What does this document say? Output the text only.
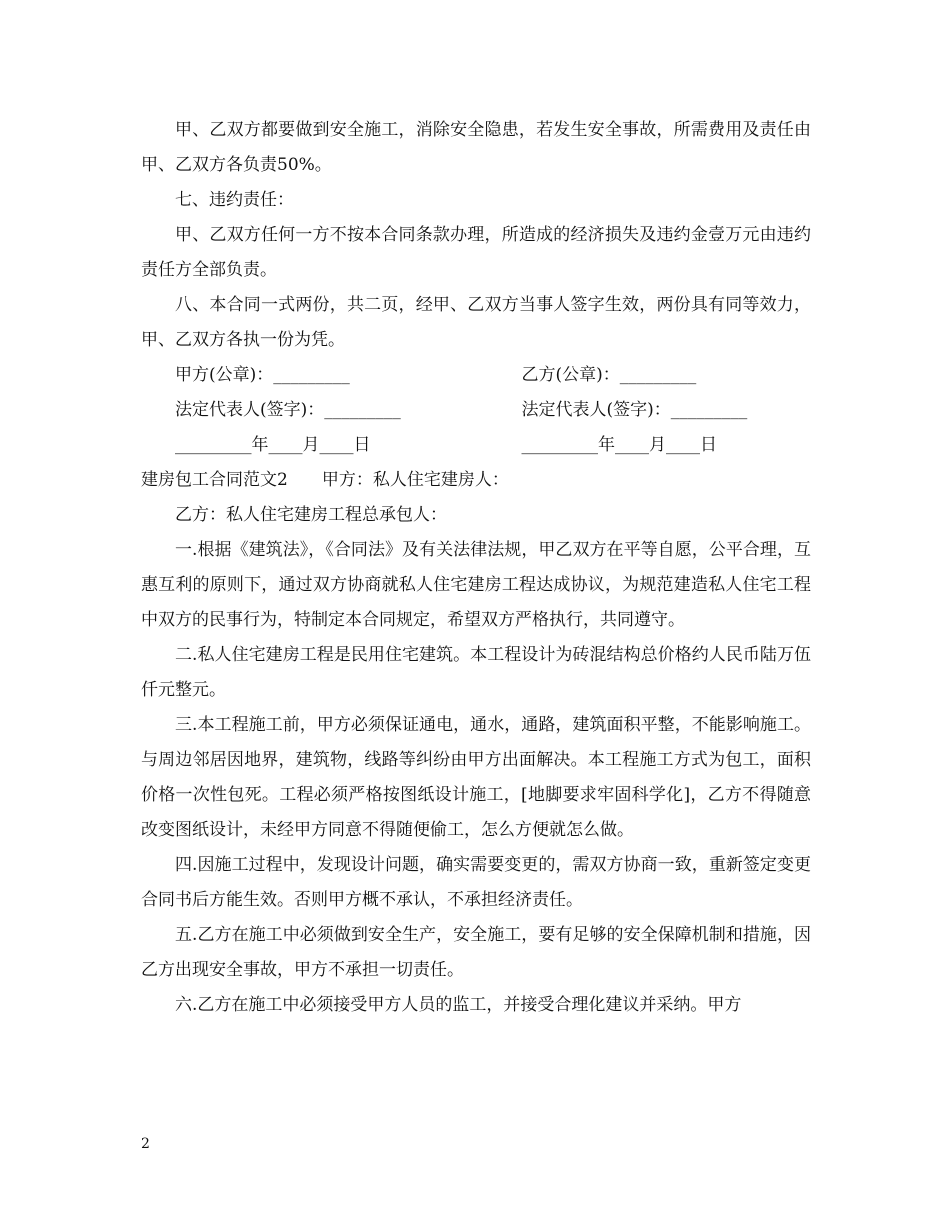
甲、乙双方都要做到安全施工，消除安全隐患，若发生安全事故，所需费用及责任由甲、乙双方各负责50%。

七、违约责任：

甲、乙双方任何一方不按本合同条款办理，所造成的经济损失及违约金壹万元由违约责任方全部负责。

八、本合同一式两份，共二页，经甲、乙双方当事人签字生效，两份具有同等效力，甲、乙双方各执一份为凭。

甲方(公章)：_________	乙方(公章)：_________
法定代表人(签字)：_________	法定代表人(签字)：_________
_________年____月____日	_________年____月____日

建房包工合同范文2　　甲方：私人住宅建房人：

乙方：私人住宅建房工程总承包人：

一.根据《建筑法》，《合同法》及有关法律法规，甲乙双方在平等自愿，公平合理，互惠互利的原则下，通过双方协商就私人住宅建房工程达成协议，为规范建造私人住宅工程中双方的民事行为，特制定本合同规定，希望双方严格执行，共同遵守。

二.私人住宅建房工程是民用住宅建筑。本工程设计为砖混结构总价格约人民币陆万伍仟元整元。

三.本工程施工前，甲方必须保证通电，通水，通路，建筑面积平整，不能影响施工。与周边邻居因地界，建筑物，线路等纠纷由甲方出面解决。本工程施工方式为包工，面积价格一次性包死。工程必须严格按图纸设计施工，[地脚要求牢固科学化]，乙方不得随意改变图纸设计，未经甲方同意不得随便偷工，怎么方便就怎么做。

四.因施工过程中，发现设计问题，确实需要变更的，需双方协商一致，重新签定变更合同书后方能生效。否则甲方概不承认，不承担经济责任。

五.乙方在施工中必须做到安全生产，安全施工，要有足够的安全保障机制和措施，因乙方出现安全事故，甲方不承担一切责任。

六.乙方在施工中必须接受甲方人员的监工，并接受合理化建议并采纳。甲方

2
